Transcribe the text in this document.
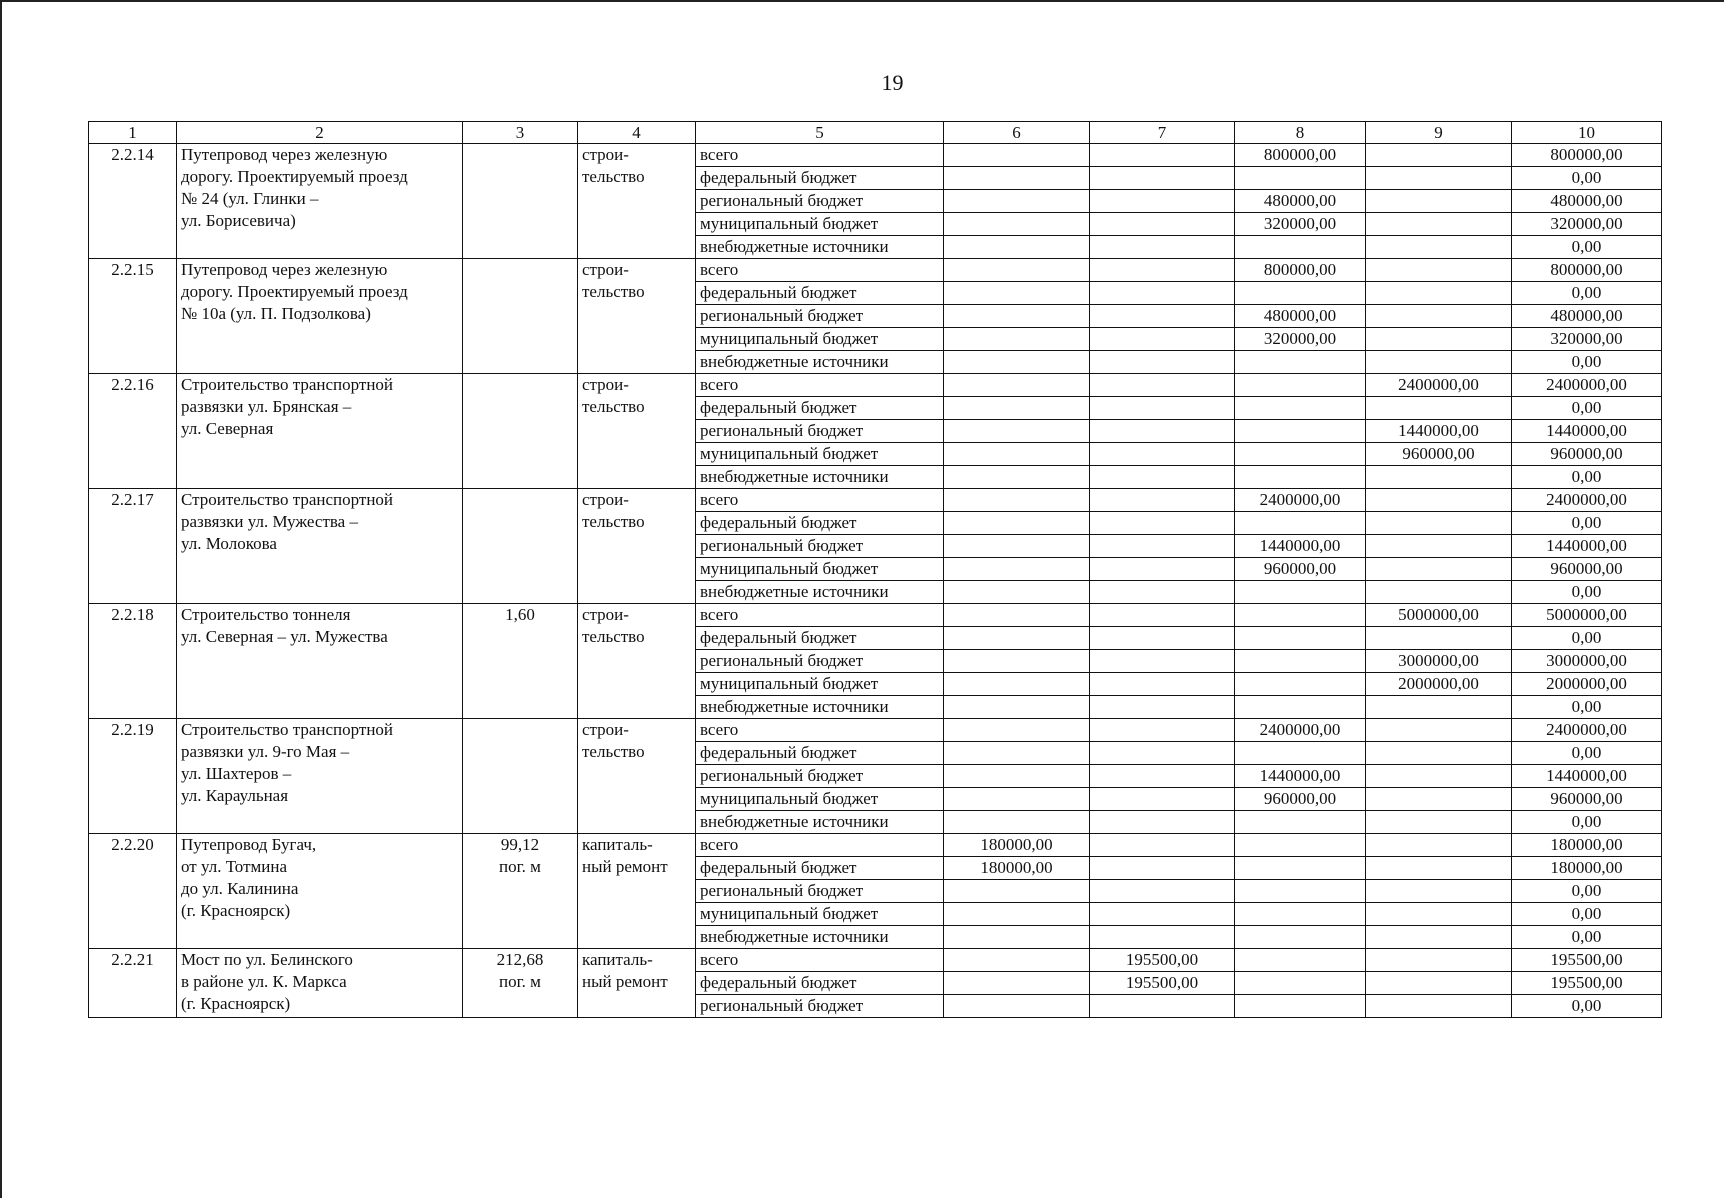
19
1	2	3	4	5	6	7	8	9	10
2.2.14	Путепровод через железную
дорогу. Проектируемый проезд
№ 24 (ул. Глинки –
ул. Борисевича)		строи-
тельство	всего			800000,00		800000,00
				федеральный бюджет					0,00
				региональный бюджет			480000,00		480000,00
				муниципальный бюджет			320000,00		320000,00
				внебюджетные источники					0,00
2.2.15	Путепровод через железную
дорогу. Проектируемый проезд
№ 10а (ул. П. Подзолкова)		строи-
тельство	всего			800000,00		800000,00
				федеральный бюджет					0,00
				региональный бюджет			480000,00		480000,00
				муниципальный бюджет			320000,00		320000,00
				внебюджетные источники					0,00
2.2.16	Строительство транспортной
развязки ул. Брянская –
ул. Северная		строи-
тельство	всего				2400000,00	2400000,00
				федеральный бюджет					0,00
				региональный бюджет				1440000,00	1440000,00
				муниципальный бюджет				960000,00	960000,00
				внебюджетные источники					0,00
2.2.17	Строительство транспортной
развязки ул. Мужества –
ул. Молокова		строи-
тельство	всего			2400000,00		2400000,00
				федеральный бюджет					0,00
				региональный бюджет			1440000,00		1440000,00
				муниципальный бюджет			960000,00		960000,00
				внебюджетные источники					0,00
2.2.18	Строительство тоннеля
ул. Северная – ул. Мужества	1,60	строи-
тельство	всего				5000000,00	5000000,00
				федеральный бюджет					0,00
				региональный бюджет				3000000,00	3000000,00
				муниципальный бюджет				2000000,00	2000000,00
				внебюджетные источники					0,00
2.2.19	Строительство транспортной
развязки ул. 9-го Мая –
ул. Шахтеров –
ул. Караульная		строи-
тельство	всего			2400000,00		2400000,00
				федеральный бюджет					0,00
				региональный бюджет			1440000,00		1440000,00
				муниципальный бюджет			960000,00		960000,00
				внебюджетные источники					0,00
2.2.20	Путепровод Бугач,
от ул. Тотмина
до ул. Калинина
(г. Красноярск)	99,12
пог. м	капиталь-
ный ремонт	всего	180000,00				180000,00
				федеральный бюджет	180000,00				180000,00
				региональный бюджет					0,00
				муниципальный бюджет					0,00
				внебюджетные источники					0,00
2.2.21	Мост по ул. Белинского
в районе ул. К. Маркса
(г. Красноярск)	212,68
пог. м	капиталь-
ный ремонт	всего		195500,00			195500,00
				федеральный бюджет		195500,00			195500,00
				региональный бюджет					0,00
